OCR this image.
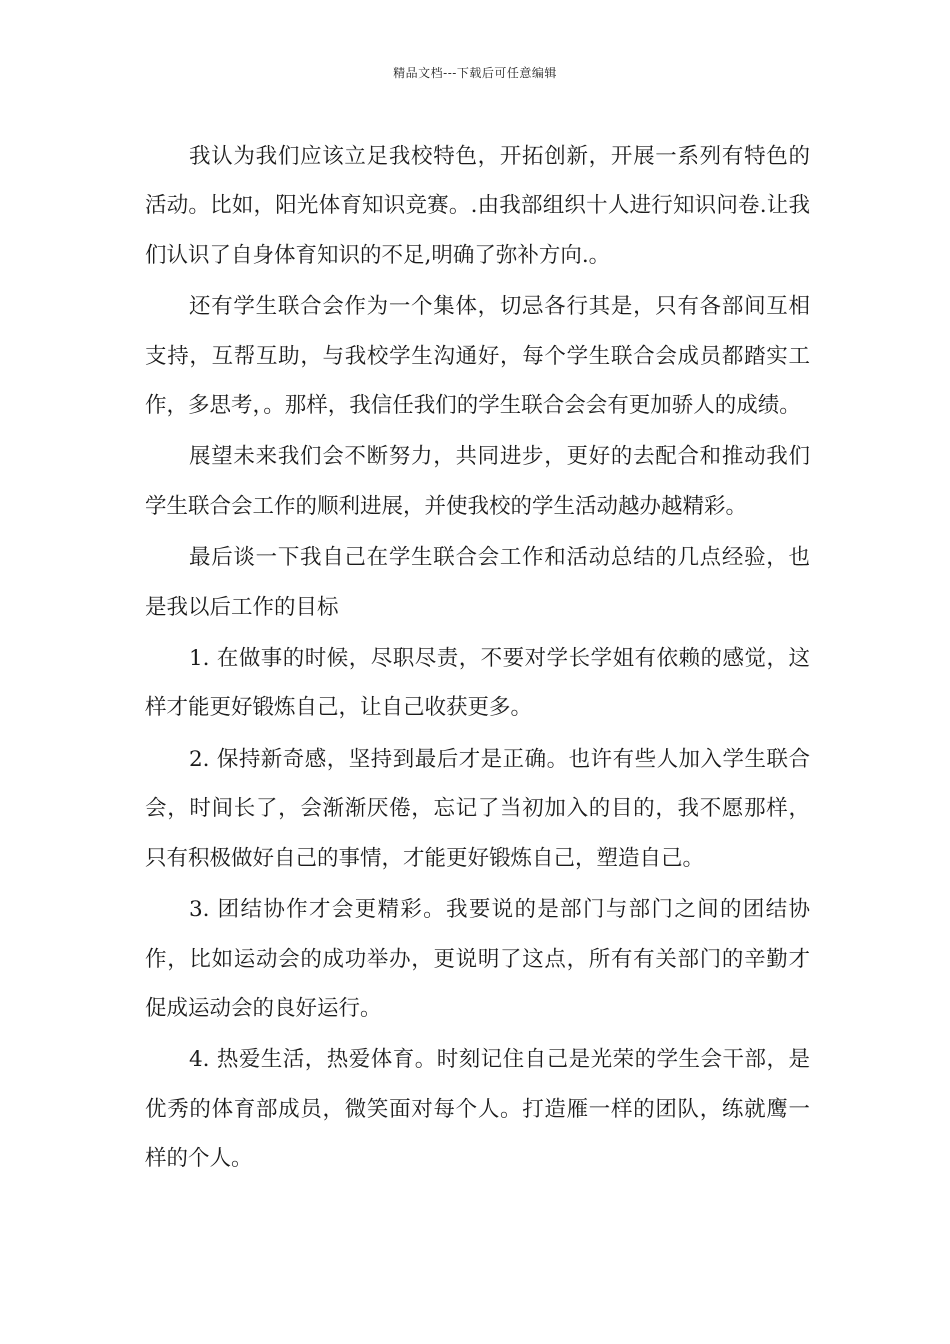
精品文档---下载后可任意编辑

我认为我们应该立足我校特色，开拓创新，开展一系列有特色的活动。比如，阳光体育知识竞赛。.由我部组织十人进行知识问卷.让我们认识了自身体育知识的不足,明确了弥补方向.。

还有学生联合会作为一个集体，切忌各行其是，只有各部间互相支持，互帮互助，与我校学生沟通好，每个学生联合会成员都踏实工作，多思考，。那样，我信任我们的学生联合会会有更加骄人的成绩。

展望未来我们会不断努力，共同进步，更好的去配合和推动我们学生联合会工作的顺利进展，并使我校的学生活动越办越精彩。

最后谈一下我自己在学生联合会工作和活动总结的几点经验，也是我以后工作的目标

1. 在做事的时候，尽职尽责，不要对学长学姐有依赖的感觉，这样才能更好锻炼自己，让自己收获更多。

2. 保持新奇感，坚持到最后才是正确。也许有些人加入学生联合会，时间长了，会渐渐厌倦，忘记了当初加入的目的，我不愿那样，只有积极做好自己的事情，才能更好锻炼自己，塑造自己。

3. 团结协作才会更精彩。我要说的是部门与部门之间的团结协作，比如运动会的成功举办，更说明了这点，所有有关部门的辛勤才促成运动会的良好运行。

4. 热爱生活，热爱体育。时刻记住自己是光荣的学生会干部，是优秀的体育部成员，微笑面对每个人。打造雁一样的团队，练就鹰一样的个人。
